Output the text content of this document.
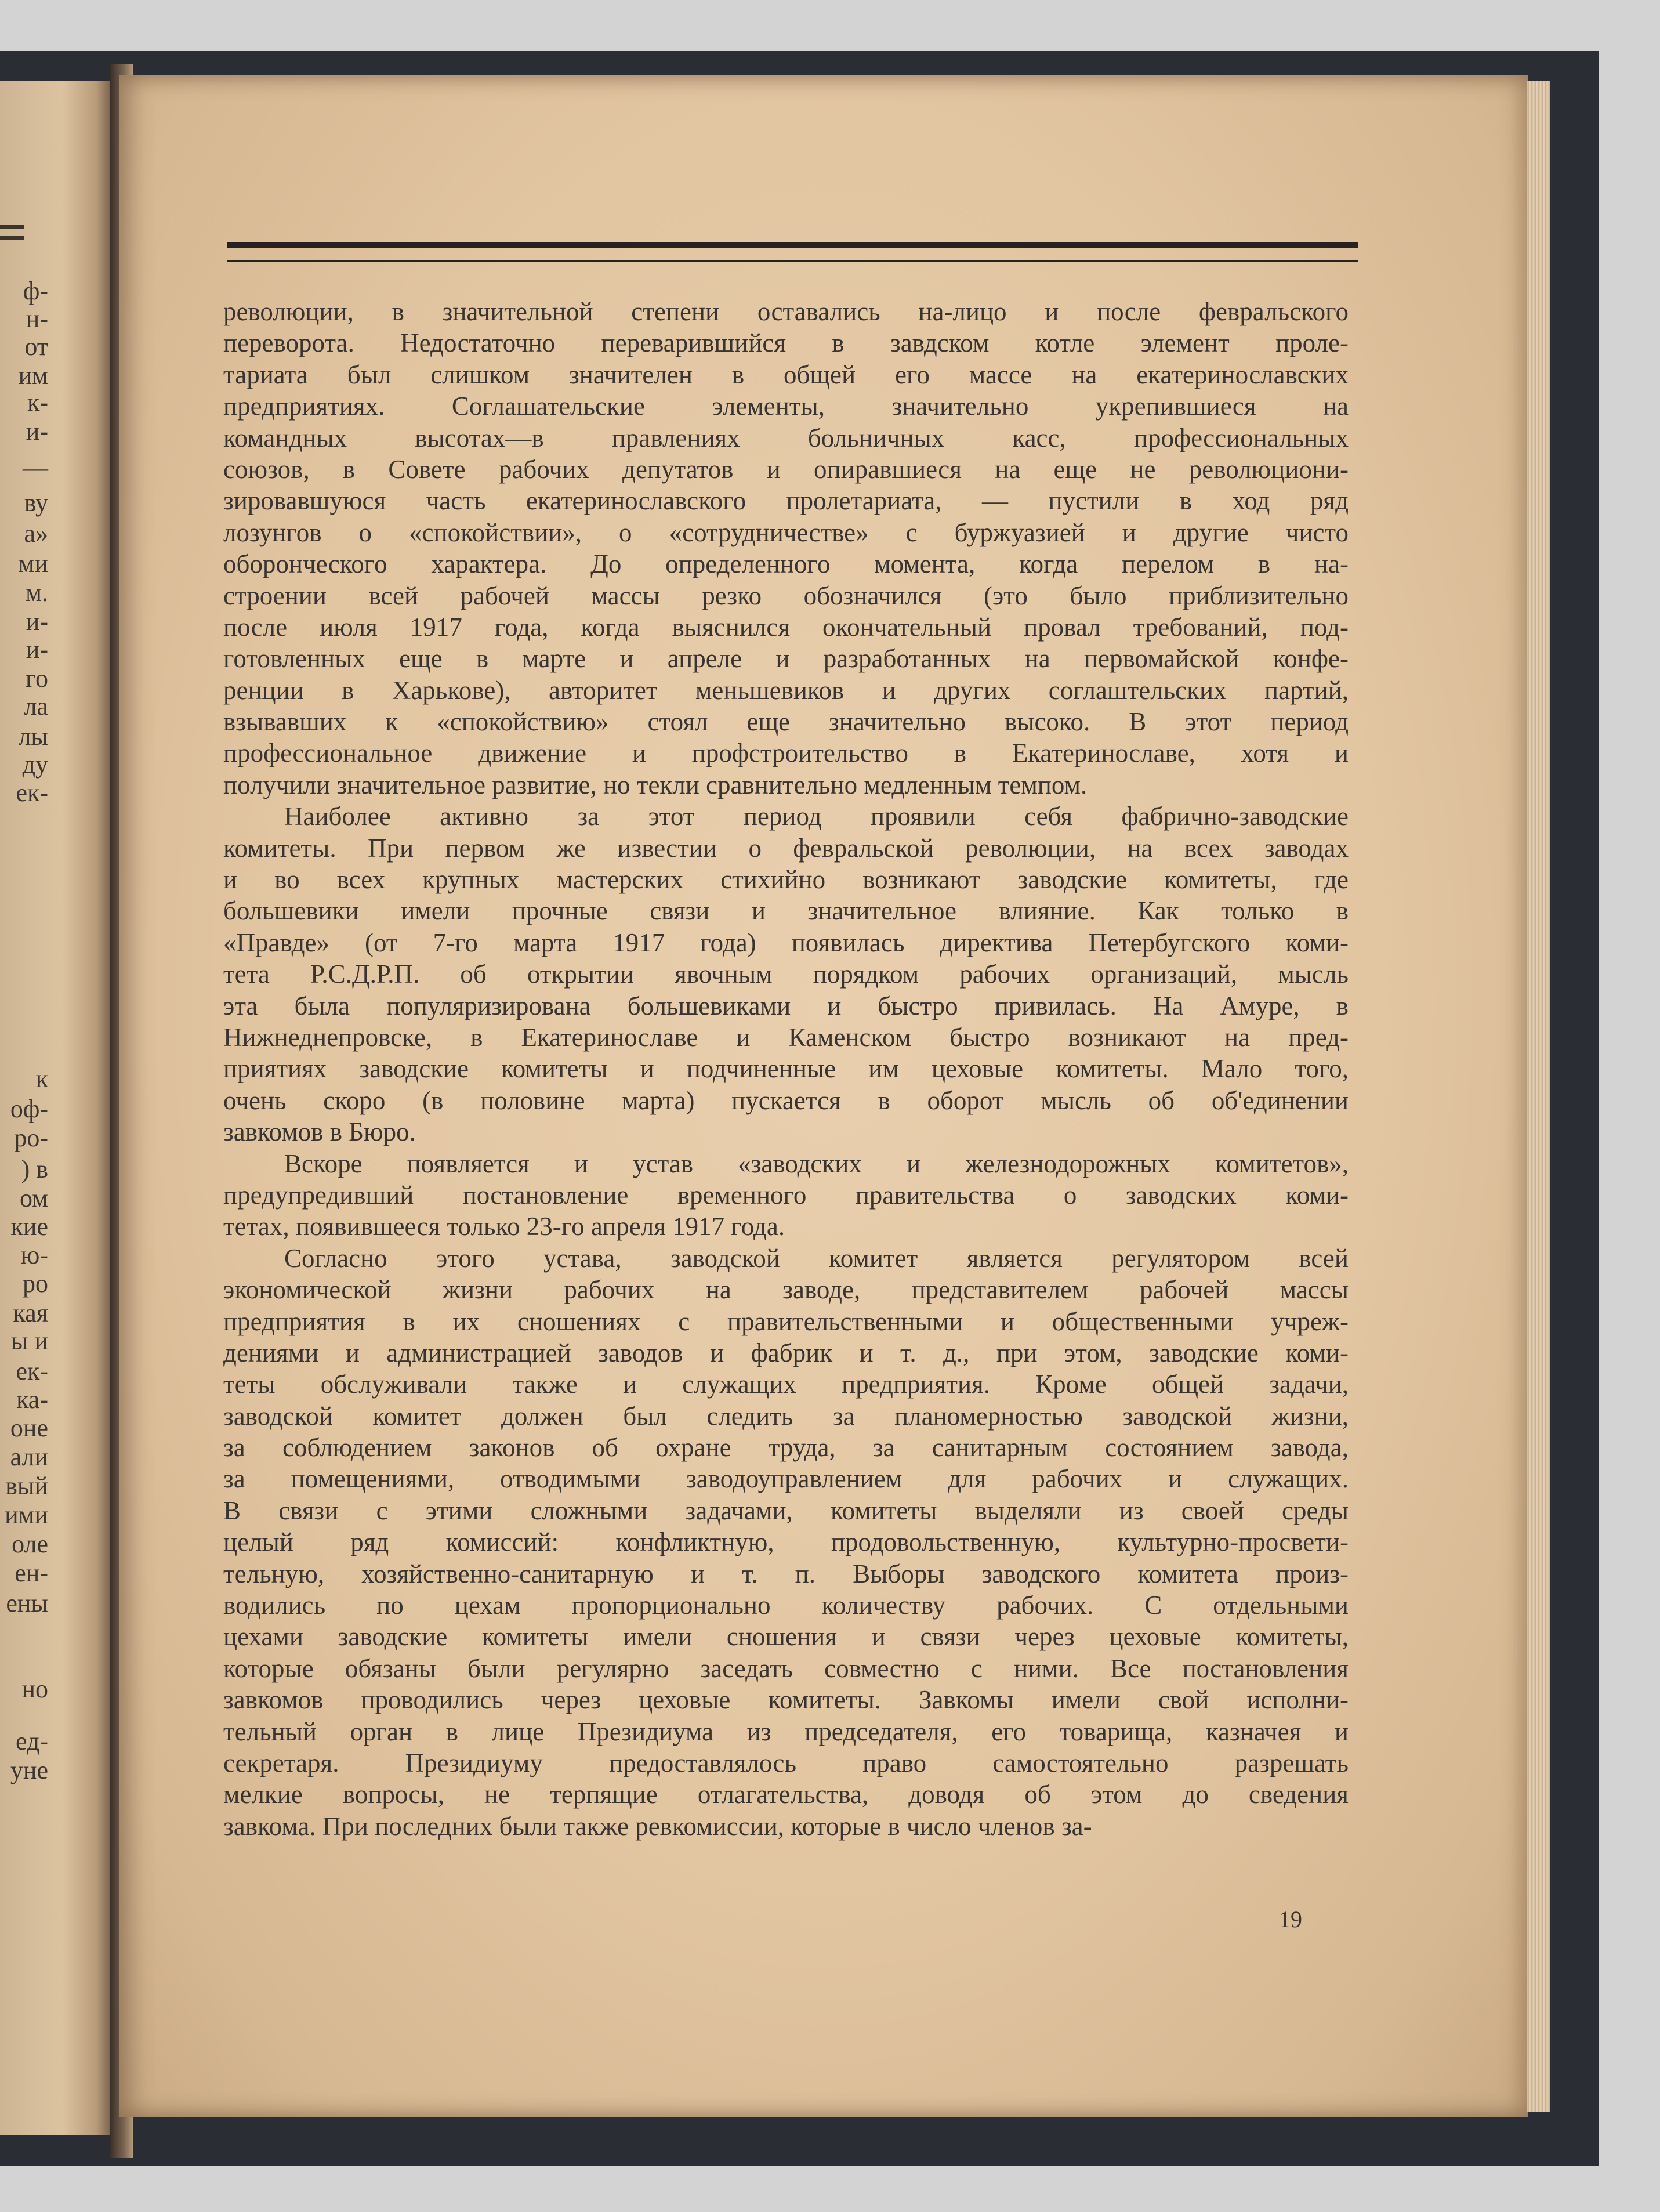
ф-
н-
от
им
к-
и-
—
ву
а»
ми
м.
и-
и-
го
ла
лы
ду
ек-
к
оф-
ро-
) в
ом
кие
ю-
ро
кая
ы и
ек-
ка-
оне
али
вый
ими
оле
ен-
ены
но
ед-
уне
революции, в значительной степени оставались на-лицо и после февральского
переворота. Недостаточно переварившийся в завдском котле элемент проле-
тариата был слишком значителен в общей его массе на екатеринославских
предприятиях. Соглашательские элементы, значительно укрепившиеся на
командных высотах—в правлениях больничных касс, профессиональных
союзов, в Совете рабочих депутатов и опиравшиеся на еще не революциони-
зировавшуюся часть екатеринославского пролетариата, — пустили в ход ряд
лозунгов о «спокойствии», о «сотрудничестве» с буржуазией и другие чисто
оборонческого характера. До определенного момента, когда перелом в на-
строении всей рабочей массы резко обозначился (это было приблизительно
после июля 1917 года, когда выяснился окончательный провал требований, под-
готовленных еще в марте и апреле и разработанных на первомайской конфе-
ренции в Харькове), авторитет меньшевиков и других соглаштельских партий,
взывавших к «спокойствию» стоял еще значительно высоко. В этот период
профессиональное движение и профстроительство в Екатеринославе, хотя и
получили значительное развитие, но текли сравнительно медленным темпом.
Наиболее активно за этот период проявили себя фабрично-заводские
комитеты. При первом же известии о февральской революции, на всех заводах
и во всех крупных мастерских стихийно возникают заводские комитеты, где
большевики имели прочные связи и значительное влияние. Как только в
«Правде» (от 7-го марта 1917 года) появилась директива Петербугского коми-
тета Р.С.Д.Р.П. об открытии явочным порядком рабочих организаций, мысль
эта была популяризирована большевиками и быстро привилась. На Амуре, в
Нижнеднепровске, в Екатеринославе и Каменском быстро возникают на пред-
приятиях заводские комитеты и подчиненные им цеховые комитеты. Мало того,
очень скоро (в половине марта) пускается в оборот мысль об об'единении
завкомов в Бюро.
Вскоре появляется и устав «заводских и железнодорожных комитетов»,
предупредивший постановление временного правительства о заводских коми-
тетах, появившееся только 23-го апреля 1917 года.
Согласно этого устава, заводской комитет является регулятором всей
экономической жизни рабочих на заводе, представителем рабочей массы
предприятия в их сношениях с правительственными и общественными учреж-
дениями и администрацией заводов и фабрик и т. д., при этом, заводские коми-
теты обслуживали также и служащих предприятия. Кроме общей задачи,
заводской комитет должен был следить за планомерностью заводской жизни,
за соблюдением законов об охране труда, за санитарным состоянием завода,
за помещениями, отводимыми заводоуправлением для рабочих и служащих.
В связи с этими сложными задачами, комитеты выделяли из своей среды
целый ряд комиссий: конфликтную, продовольственную, культурно-просвети-
тельную, хозяйственно-санитарную и т. п. Выборы заводского комитета произ-
водились по цехам пропорционально количеству рабочих. С отдельными
цехами заводские комитеты имели сношения и связи через цеховые комитеты,
которые обязаны были регулярно заседать совместно с ними. Все постановления
завкомов проводились через цеховые комитеты. Завкомы имели свой исполни-
тельный орган в лице Президиума из председателя, его товарища, казначея и
секретаря. Президиуму предоставлялось право самостоятельно разрешать
мелкие вопросы, не терпящие отлагательства, доводя об этом до сведения
завкома. При последних были также ревкомиссии, которые в число членов за-
19
